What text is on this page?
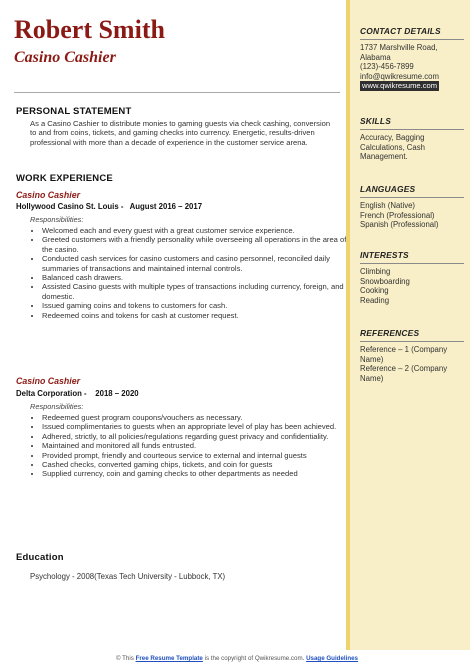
Robert Smith
Casino Cashier
PERSONAL STATEMENT
As a Casino Cashier to distribute monies to gaming guests via check cashing, conversion to and from coins, tickets, and gaming checks into currency. Energetic, results-driven professional with more than a decade of experience in the customer service arena.
WORK EXPERIENCE
Casino Cashier
Hollywood Casino St. Louis - August 2016 – 2017
Responsibilities:
• Welcomed each and every guest with a great customer service experience.
• Greeted customers with a friendly personality while overseeing all operations in the area of the casino.
• Conducted cash services for casino customers and casino personnel, reconciled daily summaries of transactions and maintained internal controls.
• Balanced cash drawers.
• Assisted Casino guests with multiple types of transactions including currency, foreign, and domestic.
• Issued gaming coins and tokens to customers for cash.
• Redeemed coins and tokens for cash at customer request.
Casino Cashier
Delta Corporation - 2018 – 2020
Responsibilities:
• Redeemed guest program coupons/vouchers as necessary.
• Issued complimentaries to guests when an appropriate level of play has been achieved.
• Adhered, strictly, to all policies/regulations regarding guest privacy and confidentiality.
• Maintained and monitored all funds entrusted.
• Provided prompt, friendly and courteous service to external and internal guests
• Cashed checks, converted gaming chips, tickets, and coin for guests
• Supplied currency, coin and gaming checks to other departments as needed
Education
Psychology - 2008(Texas Tech University - Lubbock, TX)
CONTACT DETAILS
1737 Marshville Road,
Alabama
(123)-456-7899
info@qwikresume.com
www.qwikresume.com
SKILLS
Accuracy, Bagging
Calculations, Cash
Management.
LANGUAGES
English (Native)
French (Professional)
Spanish (Professional)
INTERESTS
Climbing
Snowboarding
Cooking
Reading
REFERENCES
Reference – 1 (Company
Name)
Reference – 2 (Company
Name)
© This Free Resume Template is the copyright of Qwikresume.com. Usage Guidelines
